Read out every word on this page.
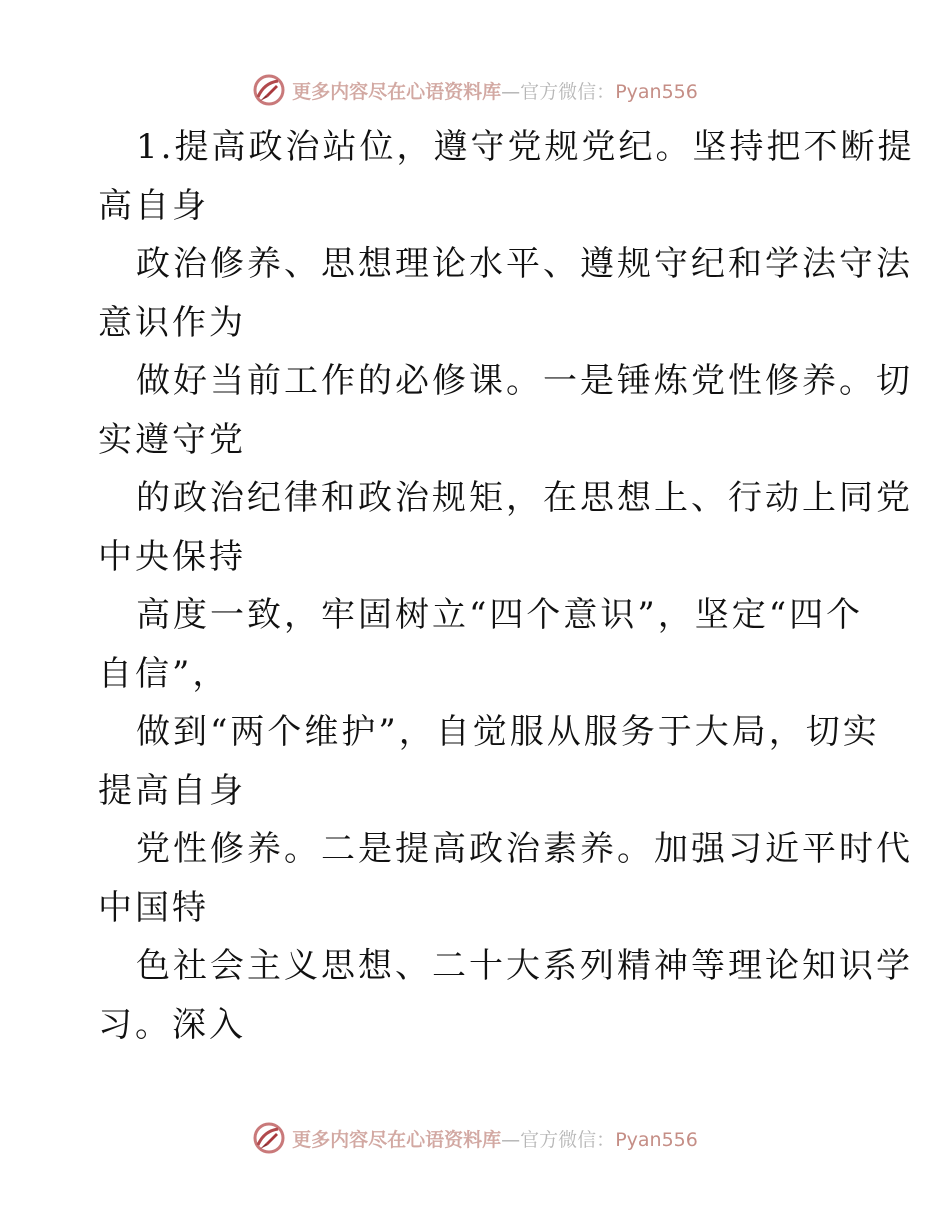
更多内容尽在心语资料库—官方微信：Pyan556
1.提高政治站位，遵守党规党纪。坚持把不断提
高自身
政治修养、思想理论水平、遵规守纪和学法守法
意识作为
做好当前工作的必修课。一是锤炼党性修养。切
实遵守党
的政治纪律和政治规矩，在思想上、行动上同党
中央保持
高度一致，牢固树立“四个意识”，坚定“四个
自信”，
做到“两个维护”，自觉服从服务于大局，切实
提高自身
党性修养。二是提高政治素养。加强习近平时代
中国特
色社会主义思想、二十大系列精神等理论知识学
习。深入
更多内容尽在心语资料库—官方微信：Pyan556
